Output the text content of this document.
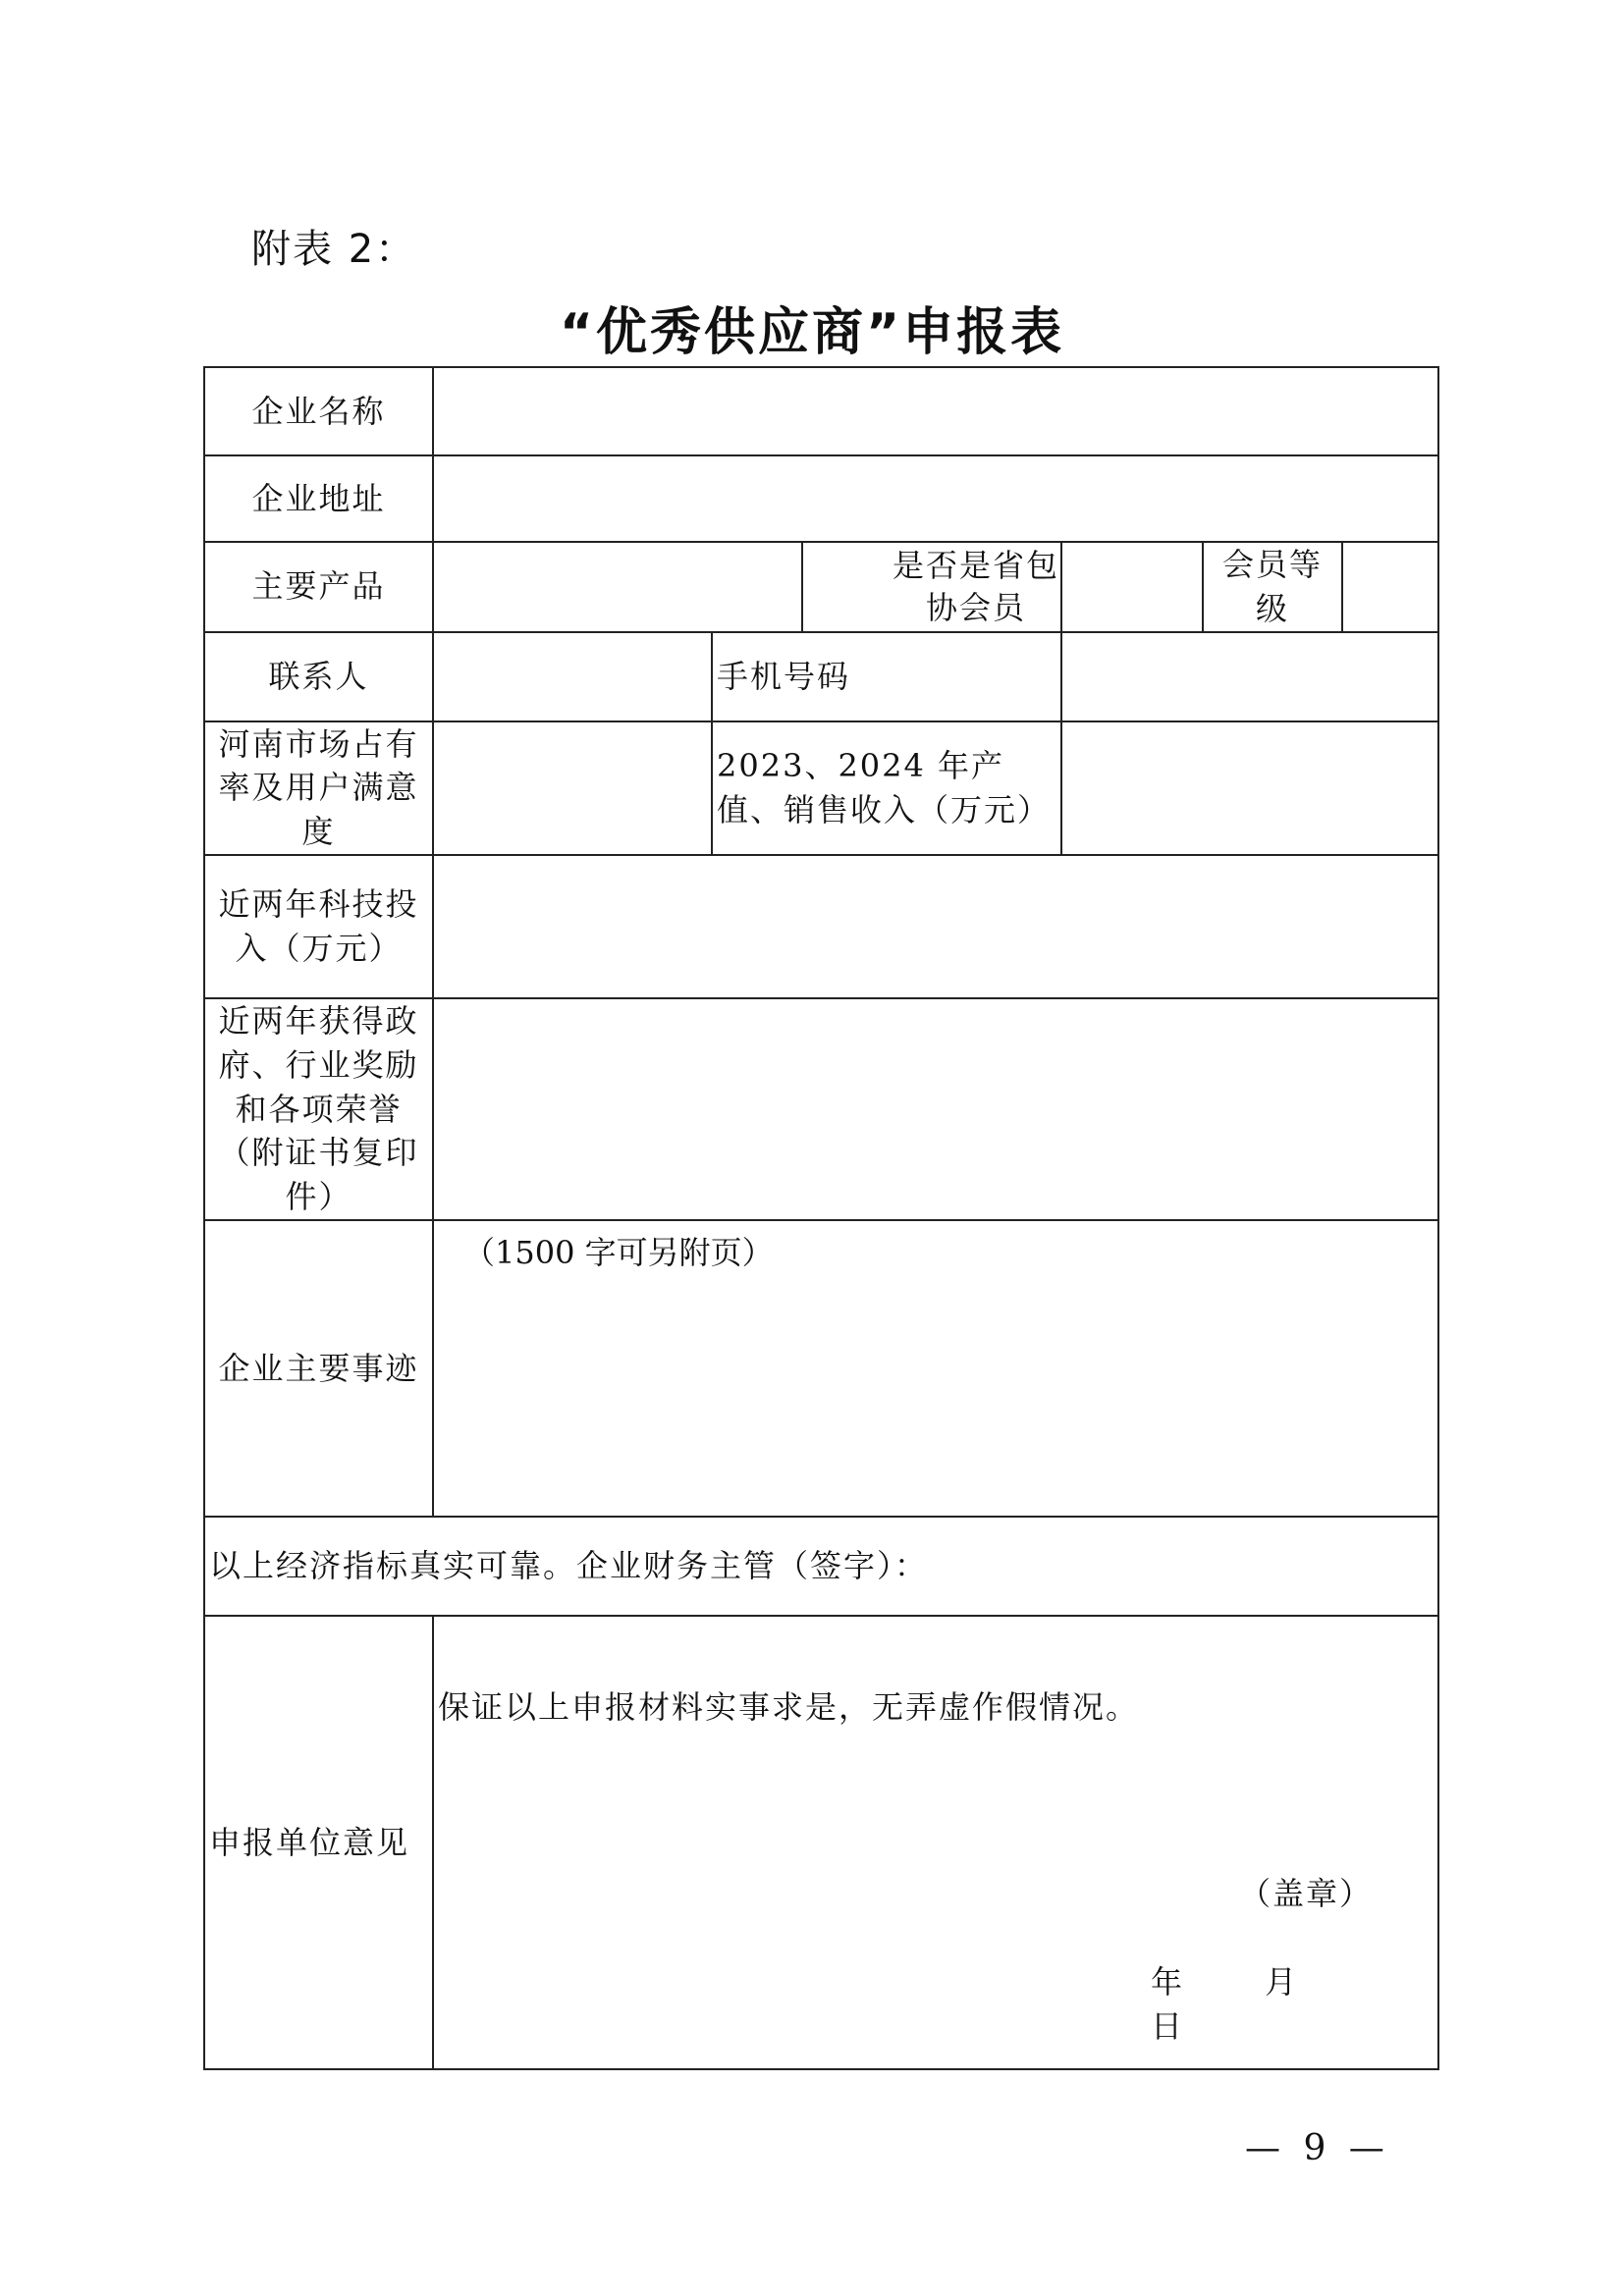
附表 2：
“优秀供应商”申报表
企业名称						
企业地址						
主要产品			是否是省包协会员		会员等级	
联系人		手机号码				
河南市场占有率及用户满意度		2023、2024 年产值、销售收入（万元）				
近两年科技投入（万元）						
近两年获得政府、行业奖励和各项荣誉（附证书复印件）						
企业主要事迹	（1500 字可另附页）					
以上经济指标真实可靠。企业财务主管（签字）：						
申报单位意见	保证以上申报材料实事求是，无弄虚作假情况。
（盖章）
年 月 日					
— 9 —
